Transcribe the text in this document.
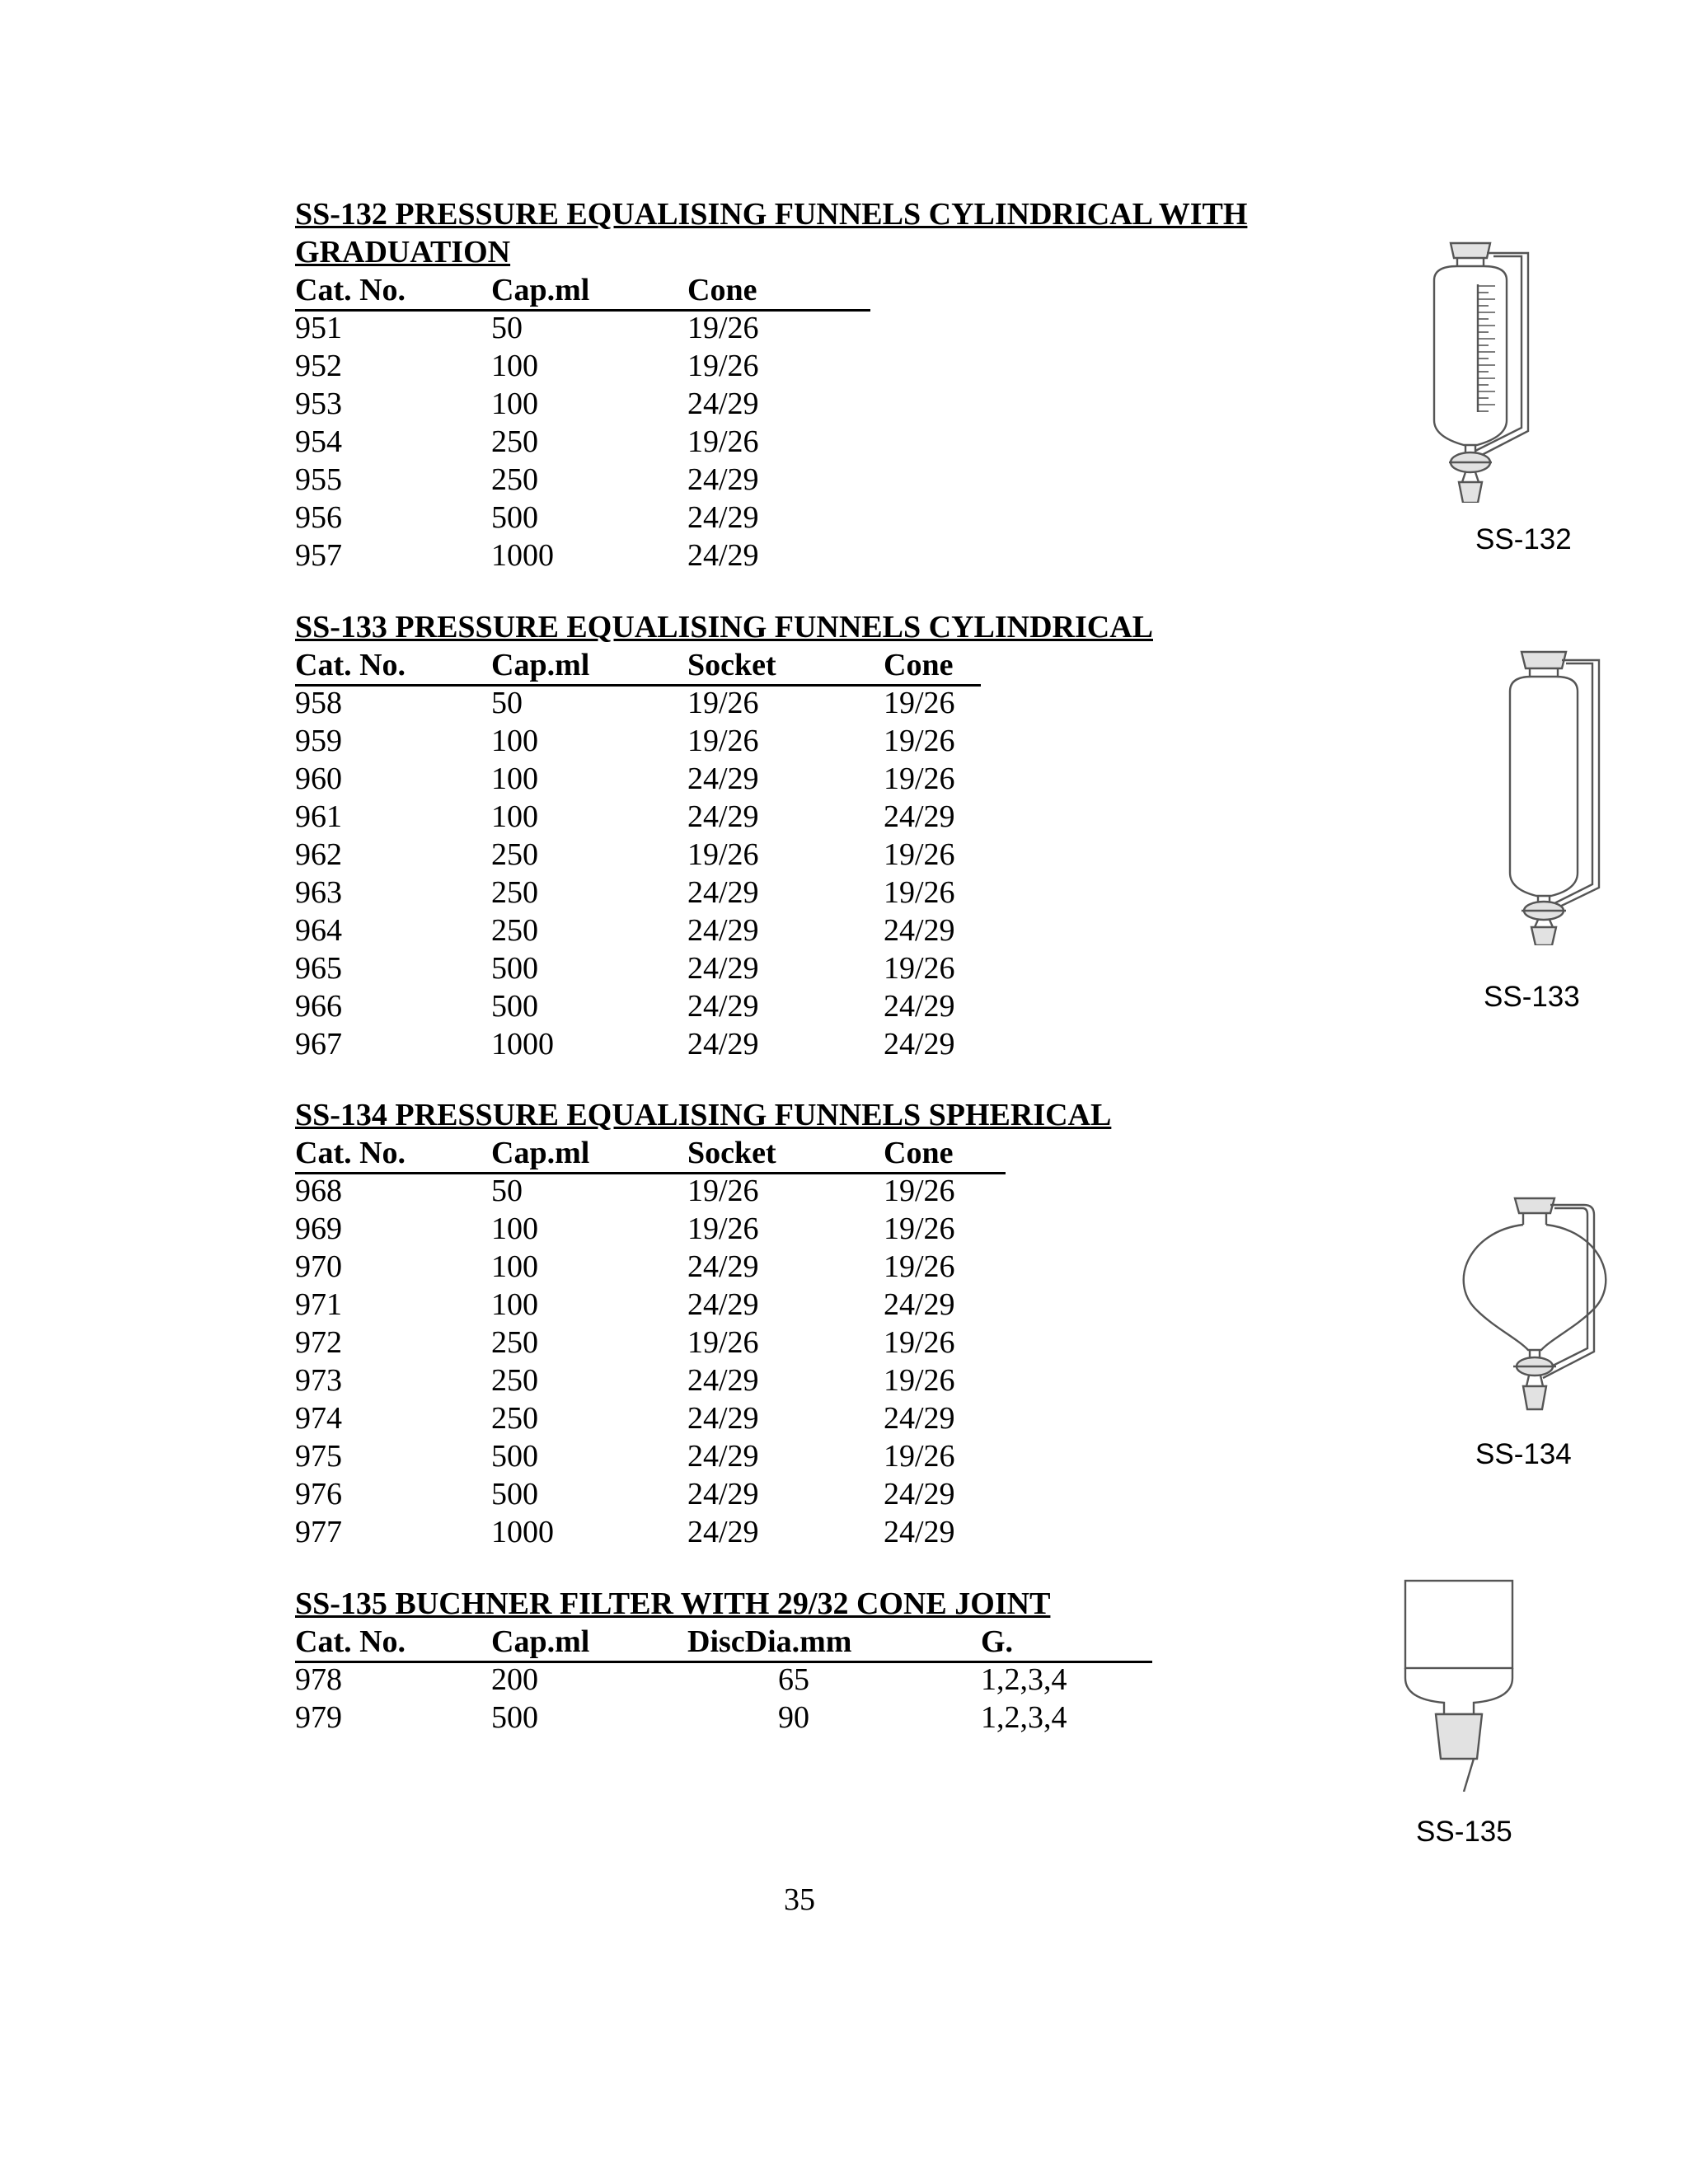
SS-132 PRESSURE EQUALISING FUNNELS CYLINDRICAL WITH
GRADUATION
Cat. No.	Cap.ml	Cone
951	50	19/26
952	100	19/26
953	100	24/29
954	250	19/26
955	250	24/29
956	500	24/29
957	1000	24/29
SS-133 PRESSURE EQUALISING FUNNELS CYLINDRICAL
Cat. No.	Cap.ml	Socket	Cone
958	50	19/26	19/26
959	100	19/26	19/26
960	100	24/29	19/26
961	100	24/29	24/29
962	250	19/26	19/26
963	250	24/29	19/26
964	250	24/29	24/29
965	500	24/29	19/26
966	500	24/29	24/29
967	1000	24/29	24/29
SS-134 PRESSURE EQUALISING FUNNELS SPHERICAL
Cat. No.	Cap.ml	Socket	Cone
968	50	19/26	19/26
969	100	19/26	19/26
970	100	24/29	19/26
971	100	24/29	24/29
972	250	19/26	19/26
973	250	24/29	19/26
974	250	24/29	24/29
975	500	24/29	19/26
976	500	24/29	24/29
977	1000	24/29	24/29
SS-135 BUCHNER FILTER WITH 29/32 CONE JOINT
Cat. No.	Cap.ml	DiscDia.mm	G.
978	200	65	1,2,3,4
979	500	90	1,2,3,4
SS-132
SS-133
SS-134
SS-135
35
